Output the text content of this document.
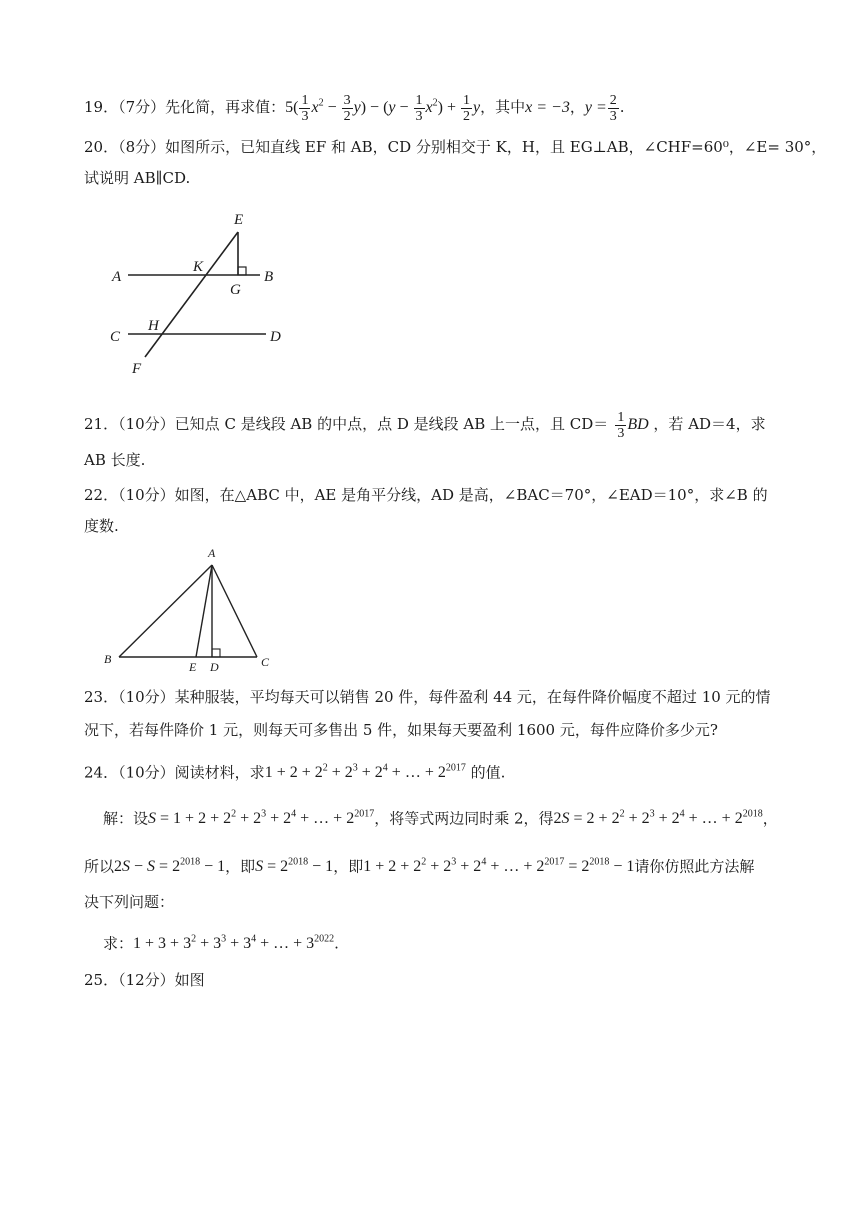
19．（7分）先化简，再求值：$5( \frac{1}{3} x^2 - \frac{3}{2} y) - (y - \frac{1}{3} x^2) + \frac{1}{2}$ y，其中x = −3，$y = \frac{2}{3}$ .
20．（8分）如图所示，已知直线 EF 和 AB，CD 分别相交于 K，H，且 EG⊥AB，∠CHF=60⁰，∠E= 30°，
试说明 AB∥CD.
E
A
K
B
G
C
H
D
F
21．（10分）已知点 C 是线段 AB 的中点，点 D 是线段 AB 上一点，且 $CD= \frac{1}{3}$ BD ，若 AD＝4，求
AB 长度.
22．（10分）如图，在△ABC 中，AE 是角平分线，AD 是高，∠BAC＝70°，∠EAD＝10°，求∠B 的
度数.
A
B
E D	C
23．（10分）某种服装，平均每天可以销售 20 件，每件盈利 44 元，在每件降价幅度不超过 10 元的情
况下，若每件降价 1 元，则每天可多售出 5 件，如果每天要盈利 1600 元，每件应降价多少元?
24．（10分）阅读材料，求$1 + 2 + 2^2 + 2^3 + 2^4$ + … + $2^{2017}$ 的值.
解：设$S = 1 + 2 + 2^2 + 2^3 + 2^4$ + … + $2^{2017}$，将等式两边同时乘 2，得$2S = 2 + 2^2 + 2^3 + 2^4$ + … + $2^{2018}$，
所以$2S - S = 2^{2018} - 1$，即$S = 2^{2018} - 1$，即$1 + 2 + 2^2 + 2^3 + 2^4$ + … + $2^{2017} = 2^{2018} - 1$请你仿照此方法解
决下列问题：
求：$1 + 3 + 3^2 + 3^3 + 3^4$ + … + $3^{2022}$.
25．（12分）如图
